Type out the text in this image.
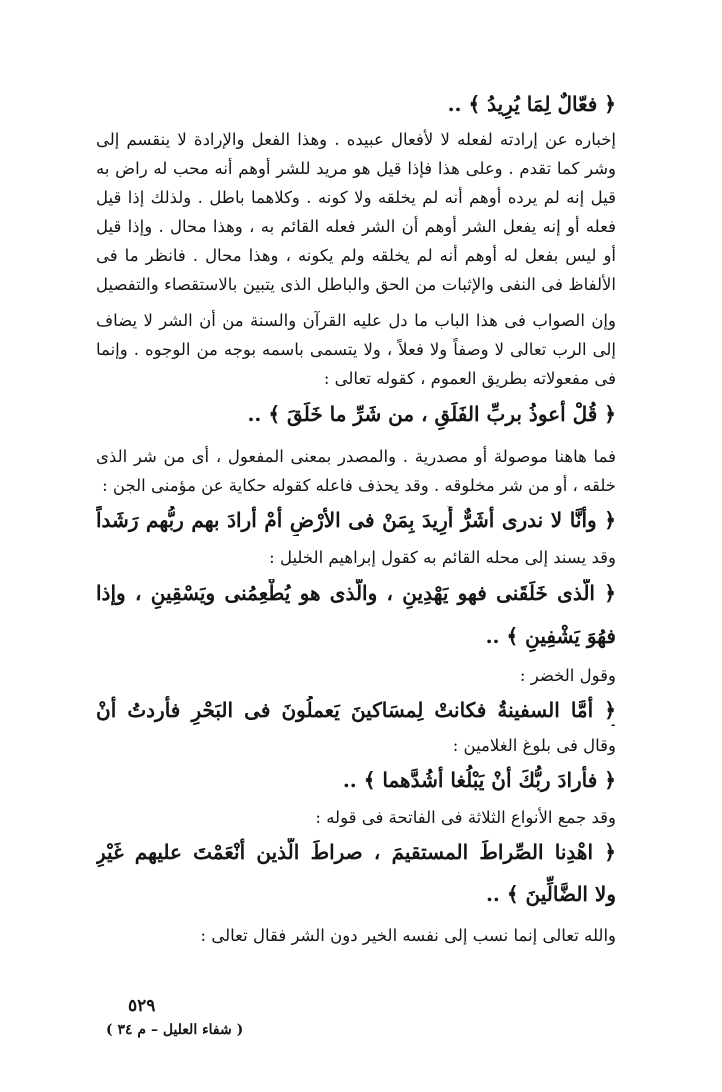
﴿ فعّالٌ لِمَا يُرِيدُ ﴾ ..
إخباره عن إرادته لفعله لا لأفعال عبيده . وهذا الفعل والإرادة لا ينقسم إلى
وشر كما تقدم . وعلى هذا فإذا قيل هو مريد للشر أوهم أنه محب له راض به
قيل إنه لم يرده أوهم أنه لم يخلقه ولا كونه . وكلاهما باطل . ولذلك إذا قيل
فعله أو إنه يفعل الشر أوهم أن الشر فعله القائم به ، وهذا محال . وإذا قيل
أو ليس بفعل له أوهم أنه لم يخلقه ولم يكونه ، وهذا محال . فانظر ما فى
الألفاظ فى النفى والإثبات من الحق والباطل الذى يتبين بالاستقصاء والتفصيل
وإن الصواب فى هذا الباب ما دل عليه القرآن والسنة من أن الشر لا يضاف
إلى الرب تعالى لا وصفاً ولا فعلاً ، ولا يتسمى باسمه بوجه من الوجوه . وإنما
فى مفعولاته بطريق العموم ، كقوله تعالى :
﴿ قُلْ أعوذُ بربِّ الفَلَقِ ، من شَرِّ ما خَلَقَ ﴾ ..
فما هاهنا موصولة أو مصدرية . والمصدر بمعنى المفعول ، أى من شر الذى
خلقه ، أو من شر مخلوقه . وقد يحذف فاعله كقوله حكاية عن مؤمنى الجن :
﴿ وأنَّا لا ندرى أشَرٌّ أُرِيدَ بِمَنْ فى الأرْضِ أمْ أرادَ بهم ربُّهم رَشَداً
وقد يسند إلى محله القائم به كقول إبراهيم الخليل :
﴿ الَّذى خَلَقَنى فهو يَهْدِينِ ، والَّذى هو يُطْعِمُنى ويَسْقِينِ ، وإذا
فهُوَ يَشْفِينِ ﴾ ..
وقول الخضر :
﴿ أمَّا السفينةُ فكانتْ لِمسَاكينَ يَعملُونَ فى البَحْرِ فأردتُ أنْ
وقال فى بلوغ الغلامين :
﴿ فأرادَ ربُّكَ أنْ يَبْلُغا أشُدَّهما ﴾ ..
وقد جمع الأنواع الثلاثة فى الفاتحة فى قوله :
﴿ اهْدِنا الصِّراطَ المستقيمَ ، صراطَ الَّذين أنْعَمْتَ عليهم غَيْرِ
ولا الضَّالِّينَ ﴾ ..
والله تعالى إنما نسب إلى نفسه الخير دون الشر فقال تعالى :
٥٢٩
( شفاء العليل – م ٣٤ )
